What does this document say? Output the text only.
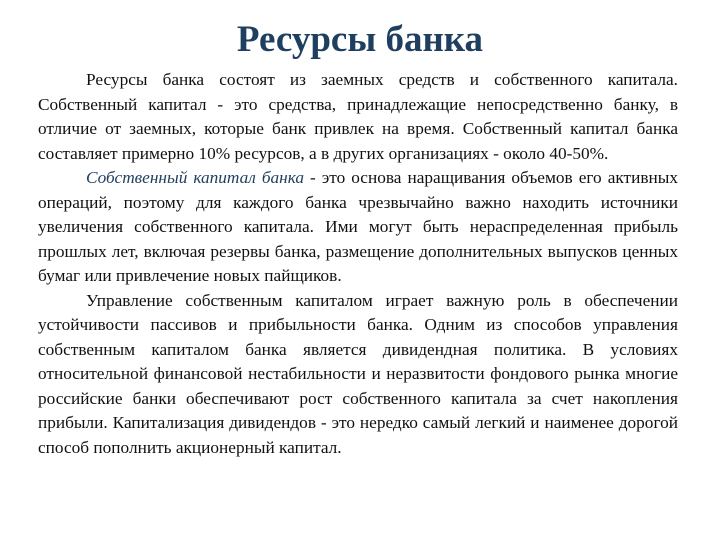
Ресурсы банка

Ресурсы банка состоят из заемных средств и собственного капитала. Собственный капитал - это средства, принадлежащие непосредственно банку, в отличие от заемных, которые банк привлек на время. Собственный капитал банка составляет примерно 10% ресурсов, а в других организациях - около 40-50%.

Собственный капитал банка - это основа наращивания объемов его активных операций, поэтому для каждого банка чрезвычайно важно находить источники увеличения собственного капитала. Ими могут быть нераспределенная прибыль прошлых лет, включая резервы банка, размещение дополнительных выпусков ценных бумаг или привлечение новых пайщиков.

Управление собственным капиталом играет важную роль в обеспечении устойчивости пассивов и прибыльности банка. Одним из способов управления собственным капиталом банка является дивидендная политика. В условиях относительной финансовой нестабильности и неразвитости фондового рынка многие российские банки обеспечивают рост собственного капитала за счет накопления прибыли. Капитализация дивидендов - это нередко самый легкий и наименее дорогой способ пополнить акционерный капитал.
